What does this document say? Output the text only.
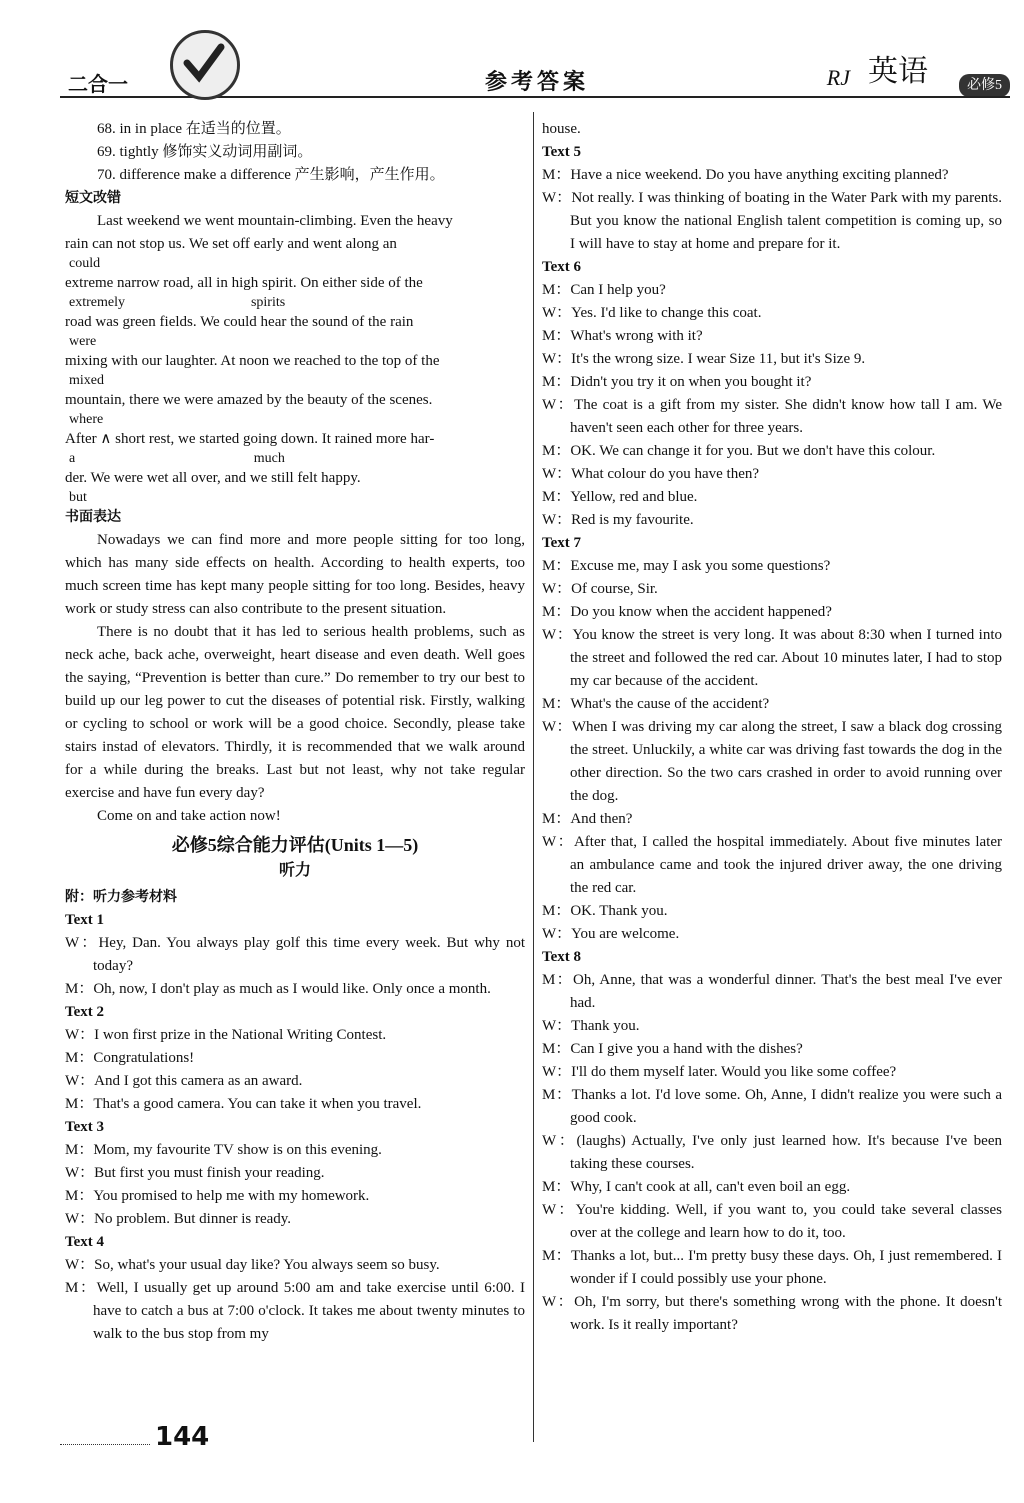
二合一	参考答案	RJ 英语	必修5

68. in in place 在适当的位置。

69. tightly 修饰实义动词用副词。

70. difference make a difference 产生影响，产生作用。

短文改错

Last weekend we went mountain-climbing. Even the heavy

rain can not stop us. We set off early and went along an

could

extreme narrow road, all in high spirit. On either side of the

extremely                                    spirits

road was green fields. We could hear the sound of the rain

were

mixing with our laughter. At noon we reached to the top of the

mixed

mountain, there we were amazed by the beauty of the scenes.

where

After ∧ short rest, we started going down. It rained more har-

a                                                   much

der. We were wet all over, and we still felt happy.

but

书面表达

Nowadays we can find more and more people sitting for too long, which has many side effects on health. According to health experts, too much screen time has kept many people sitting for too long. Besides, heavy work or study stress can also contribute to the present situation.

There is no doubt that it has led to serious health problems, such as neck ache, back ache, overweight, heart disease and even death. Well goes the saying, “Prevention is better than cure.” Do remember to try our best to build up our leg power to cut the diseases of potential risk. Firstly, walking or cycling to school or work will be a good choice. Secondly, please take stairs instad of elevators. Thirdly, it is recommended that we walk around for a while during the breaks. Last but not least, why not take regular exercise and have fun every day?

Come on and take action now!

必修5综合能力评估(Units 1—5)

听力

附：听力参考材料

Text 1

W：Hey, Dan. You always play golf this time every week. But why not today?

M：Oh, now, I don't play as much as I would like. Only once a month.

Text 2

W：I won first prize in the National Writing Contest.

M：Congratulations!

W：And I got this camera as an award.

M：That's a good camera. You can take it when you travel.

Text 3

M：Mom, my favourite TV show is on this evening.

W：But first you must finish your reading.

M：You promised to help me with my homework.

W：No problem. But dinner is ready.

Text 4

W：So, what's your usual day like? You always seem so busy.

M：Well, I usually get up around 5:00 am and take exercise until 6:00. I have to catch a bus at 7:00 o'clock. It takes me about twenty minutes to walk to the bus stop from my

house.

Text 5

M：Have a nice weekend. Do you have anything exciting planned?

W：Not really. I was thinking of boating in the Water Park with my parents. But you know the national English talent competition is coming up, so I will have to stay at home and prepare for it.

Text 6

M：Can I help you?

W：Yes. I'd like to change this coat.

M：What's wrong with it?

W：It's the wrong size. I wear Size 11, but it's Size 9.

M：Didn't you try it on when you bought it?

W：The coat is a gift from my sister. She didn't know how tall I am. We haven't seen each other for three years.

M：OK. We can change it for you. But we don't have this colour.

W：What colour do you have then?

M：Yellow, red and blue.

W：Red is my favourite.

Text 7

M：Excuse me, may I ask you some questions?

W：Of course, Sir.

M：Do you know when the accident happened?

W：You know the street is very long. It was about 8:30 when I turned into the street and followed the red car. About 10 minutes later, I had to stop my car because of the accident.

M：What's the cause of the accident?

W：When I was driving my car along the street, I saw a black dog crossing the street. Unluckily, a white car was driving fast towards the dog in the other direction. So the two cars crashed in order to avoid running over the dog.

M：And then?

W：After that, I called the hospital immediately. About five minutes later an ambulance came and took the injured driver away, the one driving the red car.

M：OK. Thank you.

W：You are welcome.

Text 8

M：Oh, Anne, that was a wonderful dinner. That's the best meal I've ever had.

W：Thank you.

M：Can I give you a hand with the dishes?

W：I'll do them myself later. Would you like some coffee?

M：Thanks a lot. I'd love some. Oh, Anne, I didn't realize you were such a good cook.

W：(laughs) Actually, I've only just learned how. It's because I've been taking these courses.

M：Why, I can't cook at all, can't even boil an egg.

W：You're kidding. Well, if you want to, you could take several classes over at the college and learn how to do it, too.

M：Thanks a lot, but... I'm pretty busy these days. Oh, I just remembered. I wonder if I could possibly use your phone.

W：Oh, I'm sorry, but there's something wrong with the phone. It doesn't work. Is it really important?

144
